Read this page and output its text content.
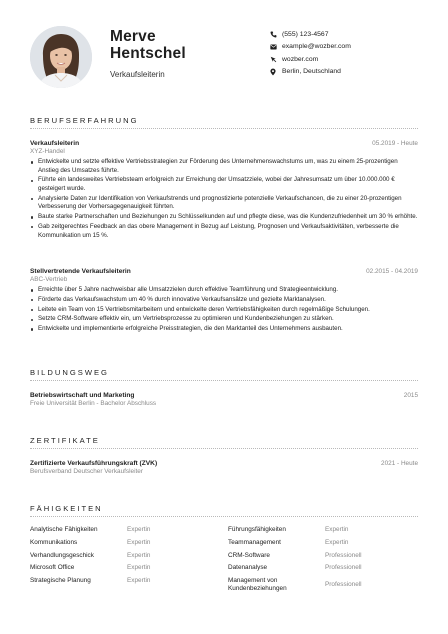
Merve
Hentschel
Verkaufsleiterin
(555) 123-4567
example@wozber.com
wozber.com
Berlin, Deutschland
BERUFSERFAHRUNG
Verkaufsleiterin	05.2019 - Heute
XYZ-Handel
Entwickelte und setzte effektive Vertriebsstrategien zur Förderung des Unternehmenswachstums um, was zu einem 25-prozentigen Anstieg des Umsatzes führte.
Führte ein landesweites Vertriebsteam erfolgreich zur Erreichung der Umsatzziele, wobei der Jahresumsatz um über 10.000.000 € gesteigert wurde.
Analysierte Daten zur Identifikation von Verkaufstrends und prognostizierte potenzielle Verkaufschancen, die zu einer 20-prozentigen Verbesserung der Vorhersagegenauigkeit führten.
Baute starke Partnerschaften und Beziehungen zu Schlüsselkunden auf und pflegte diese, was die Kundenzufriedenheit um 30 % erhöhte.
Gab zeitgerechtes Feedback an das obere Management in Bezug auf Leistung, Prognosen und Verkaufsaktivitäten, verbesserte die Kommunikation um 15 %.
Stellvertretende Verkaufsleiterin	02.2015 - 04.2019
ABC-Vertrieb
Erreichte über 5 Jahre nachweisbar alle Umsatzzielen durch effektive Teamführung und Strategieentwicklung.
Förderte das Verkaufswachstum um 40 % durch innovative Verkaufsansätze und gezielte Marktanalysen.
Leitete ein Team von 15 Vertriebsmitarbeitern und entwickelte deren Vertriebsfähigkeiten durch regelmäßige Schulungen.
Setzte CRM-Software effektiv ein, um Vertriebsprozesse zu optimieren und Kundenbeziehungen zu stärken.
Entwickelte und implementierte erfolgreiche Preisstrategien, die den Marktanteil des Unternehmens ausbauten.
BILDUNGSWEG
Betriebswirtschaft und Marketing	2015
Freie Universität Berlin - Bachelor Abschluss
ZERTIFIKATE
Zertifizierte Verkaufsführungskraft (ZVK)	2021 - Heute
Berufsverband Deutscher Verkaufsleiter
FÄHIGKEITEN
Analytische Fähigkeiten	Expertin
Kommunikations	Expertin
Verhandlungsgeschick	Expertin
Microsoft Office	Expertin
Strategische Planung	Expertin
Führungsfähigkeiten	Expertin
Teammanagement	Expertin
CRM-Software	Professionell
Datenanalyse	Professionell
Management von Kundenbeziehungen
Professionell
